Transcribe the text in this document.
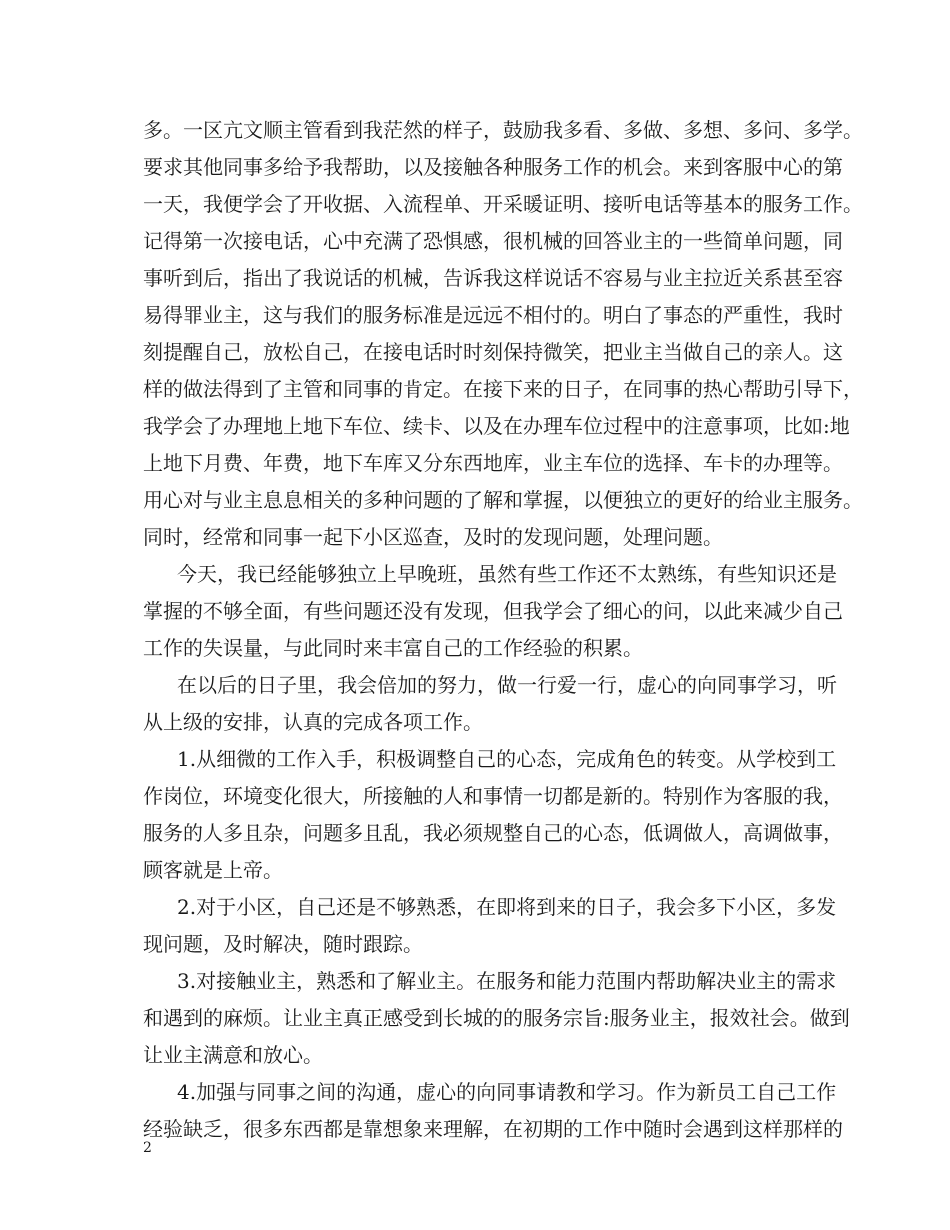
多 。 一 区 亢 文 顺 主 管 看 到 我 茫 然 的 样 子 ， 鼓 励 我 多 看 、 多 做 、 多 想 、 多 问 、 多 学 。
要 求 其 他 同 事 多 给 予 我 帮 助 ， 以 及 接 触 各 种 服 务 工 作 的 机 会 。 来 到 客 服 中 心 的 第
一 天 ， 我 便 学 会 了 开 收 据 、 入 流 程 单 、 开 采 暖 证 明 、 接 听 电 话 等 基 本 的 服 务 工 作 。
记 得 第 一 次 接 电 话 ， 心 中 充 满 了 恐 惧 感 ， 很 机 械 的 回 答 业 主 的 一 些 简 单 问 题 ， 同
事 听 到 后 ， 指 出 了 我 说 话 的 机 械 ， 告 诉 我 这 样 说 话 不 容 易 与 业 主 拉 近 关 系 甚 至 容
易 得 罪 业 主 ， 这 与 我 们 的 服 务 标 准 是 远 远 不 相 付 的 。 明 白 了 事 态 的 严 重 性 ， 我 时
刻 提 醒 自 己 ， 放 松 自 己 ， 在 接 电 话 时 时 刻 保 持 微 笑 ， 把 业 主 当 做 自 己 的 亲 人 。 这
样 的 做 法 得 到 了 主 管 和 同 事 的 肯 定 。 在 接 下 来 的 日 子 ， 在 同 事 的 热 心 帮 助 引 导 下 ，
我 学 会 了 办 理 地 上 地 下 车 位 、 续 卡 、 以 及 在 办 理 车 位 过 程 中 的 注 意 事 项 ， 比 如 : 地
上 地 下 月 费 、 年 费 ， 地 下 车 库 又 分 东 西 地 库 ， 业 主 车 位 的 选 择 、 车 卡 的 办 理 等 。
用 心 对 与 业 主 息 息 相 关 的 多 种 问 题 的 了 解 和 掌 握 ， 以 便 独 立 的 更 好 的 给 业 主 服 务 。
同时，经常和同事一起下小区巡查，及时的发现问题，处理问题。
今 天 ， 我 已 经 能 够 独 立 上 早 晚 班 ， 虽 然 有 些 工 作 还 不 太 熟 练 ， 有 些 知 识 还 是
掌 握 的 不 够 全 面 ， 有 些 问 题 还 没 有 发 现 ， 但 我 学 会 了 细 心 的 问 ， 以 此 来 减 少 自 己
工作的失误量，与此同时来丰富自己的工作经验的积累。
在 以 后 的 日 子 里 ， 我 会 倍 加 的 努 力 ， 做 一 行 爱 一 行 ， 虚 心 的 向 同 事 学 习 ， 听
从上级的安排，认真的完成各项工作。
1 . 从 细 微 的 工 作 入 手 ， 积 极 调 整 自 己 的 心 态 ， 完 成 角 色 的 转 变 。 从 学 校 到 工
作 岗 位 ， 环 境 变 化 很 大 ， 所 接 触 的 人 和 事 情 一 切 都 是 新 的 。 特 别 作 为 客 服 的 我 ，
服 务 的 人 多 且 杂 ， 问 题 多 且 乱 ， 我 必 须 规 整 自 己 的 心 态 ， 低 调 做 人 ， 高 调 做 事 ，
顾客就是上帝。
2 . 对 于 小 区 ， 自 己 还 是 不 够 熟 悉 ， 在 即 将 到 来 的 日 子 ， 我 会 多 下 小 区 ， 多 发
现问题，及时解决，随时跟踪。
3 . 对 接 触 业 主 ， 熟 悉 和 了 解 业 主 。 在 服 务 和 能 力 范 围 内 帮 助 解 决 业 主 的 需 求
和 遇 到 的 麻 烦 。 让 业 主 真 正 感 受 到 长 城 的 的 服 务 宗 旨 : 服 务 业 主 ， 报 效 社 会 。 做 到
让业主满意和放心。
4 . 加 强 与 同 事 之 间 的 沟 通 ， 虚 心 的 向 同 事 请 教 和 学 习 。 作 为 新 员 工 自 己 工 作
经 验 缺 乏 ， 很 多 东 西 都 是 靠 想 象 来 理 解 ， 在 初 期 的 工 作 中 随 时 会 遇 到 这 样 那 样 的
2
